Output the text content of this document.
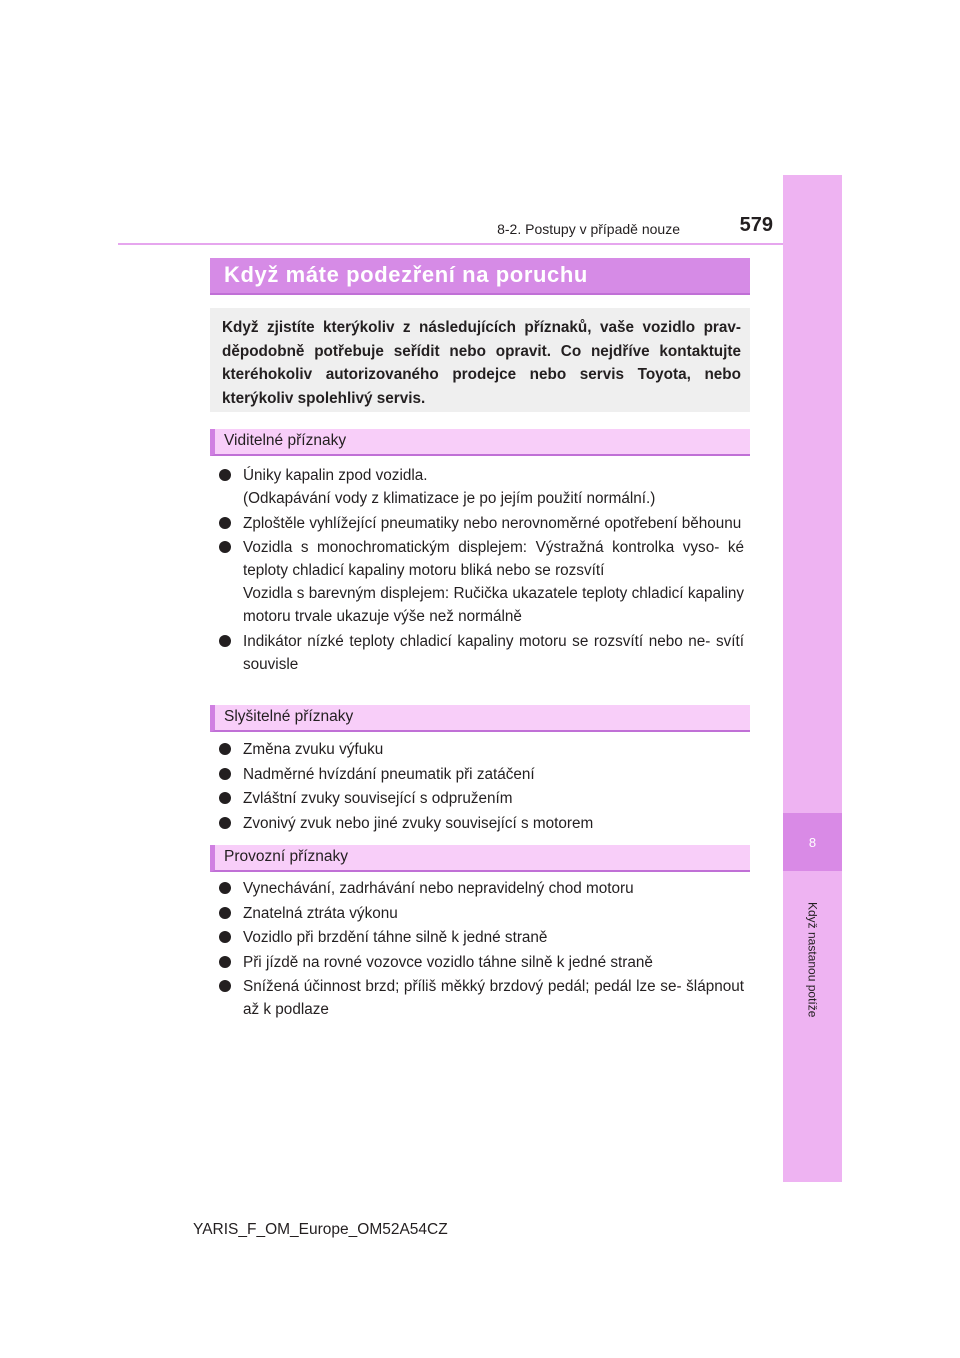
8
Když nastanou potíže
8-2. Postupy v případě nouze	579
Když máte podezření na poruchu
Když zjistíte kterýkoliv z následujících příznaků, vaše vozidlo prav- děpodobně potřebuje seřídit nebo opravit. Co nejdříve kontaktujte kteréhokoliv autorizovaného prodejce nebo servis Toyota, nebo kterýkoliv spolehlivý servis.
Viditelné příznaky
Úniky kapalin zpod vozidla.
(Odkapávání vody z klimatizace je po jejím použití normální.)
Zploštěle vyhlížející pneumatiky nebo nerovnoměrné opotřebení běhounu
Vozidla s monochromatickým displejem: Výstražná kontrolka vyso- ké teploty chladicí kapaliny motoru bliká nebo se rozsvítí
Vozidla s barevným displejem: Ručička ukazatele teploty chladicí kapaliny motoru trvale ukazuje výše než normálně
Indikátor nízké teploty chladicí kapaliny motoru se rozsvítí nebo ne- svítí souvisle
Slyšitelné příznaky
Změna zvuku výfuku
Nadměrné hvízdání pneumatik při zatáčení
Zvláštní zvuky související s odpružením
Zvonivý zvuk nebo jiné zvuky související s motorem
Provozní příznaky
Vynechávání, zadrhávání nebo nepravidelný chod motoru
Znatelná ztráta výkonu
Vozidlo při brzdění táhne silně k jedné straně
Při jízdě na rovné vozovce vozidlo táhne silně k jedné straně
Snížená účinnost brzd; příliš měkký brzdový pedál; pedál lze se- šlápnout až k podlaze
YARIS_F_OM_Europe_OM52A54CZ
